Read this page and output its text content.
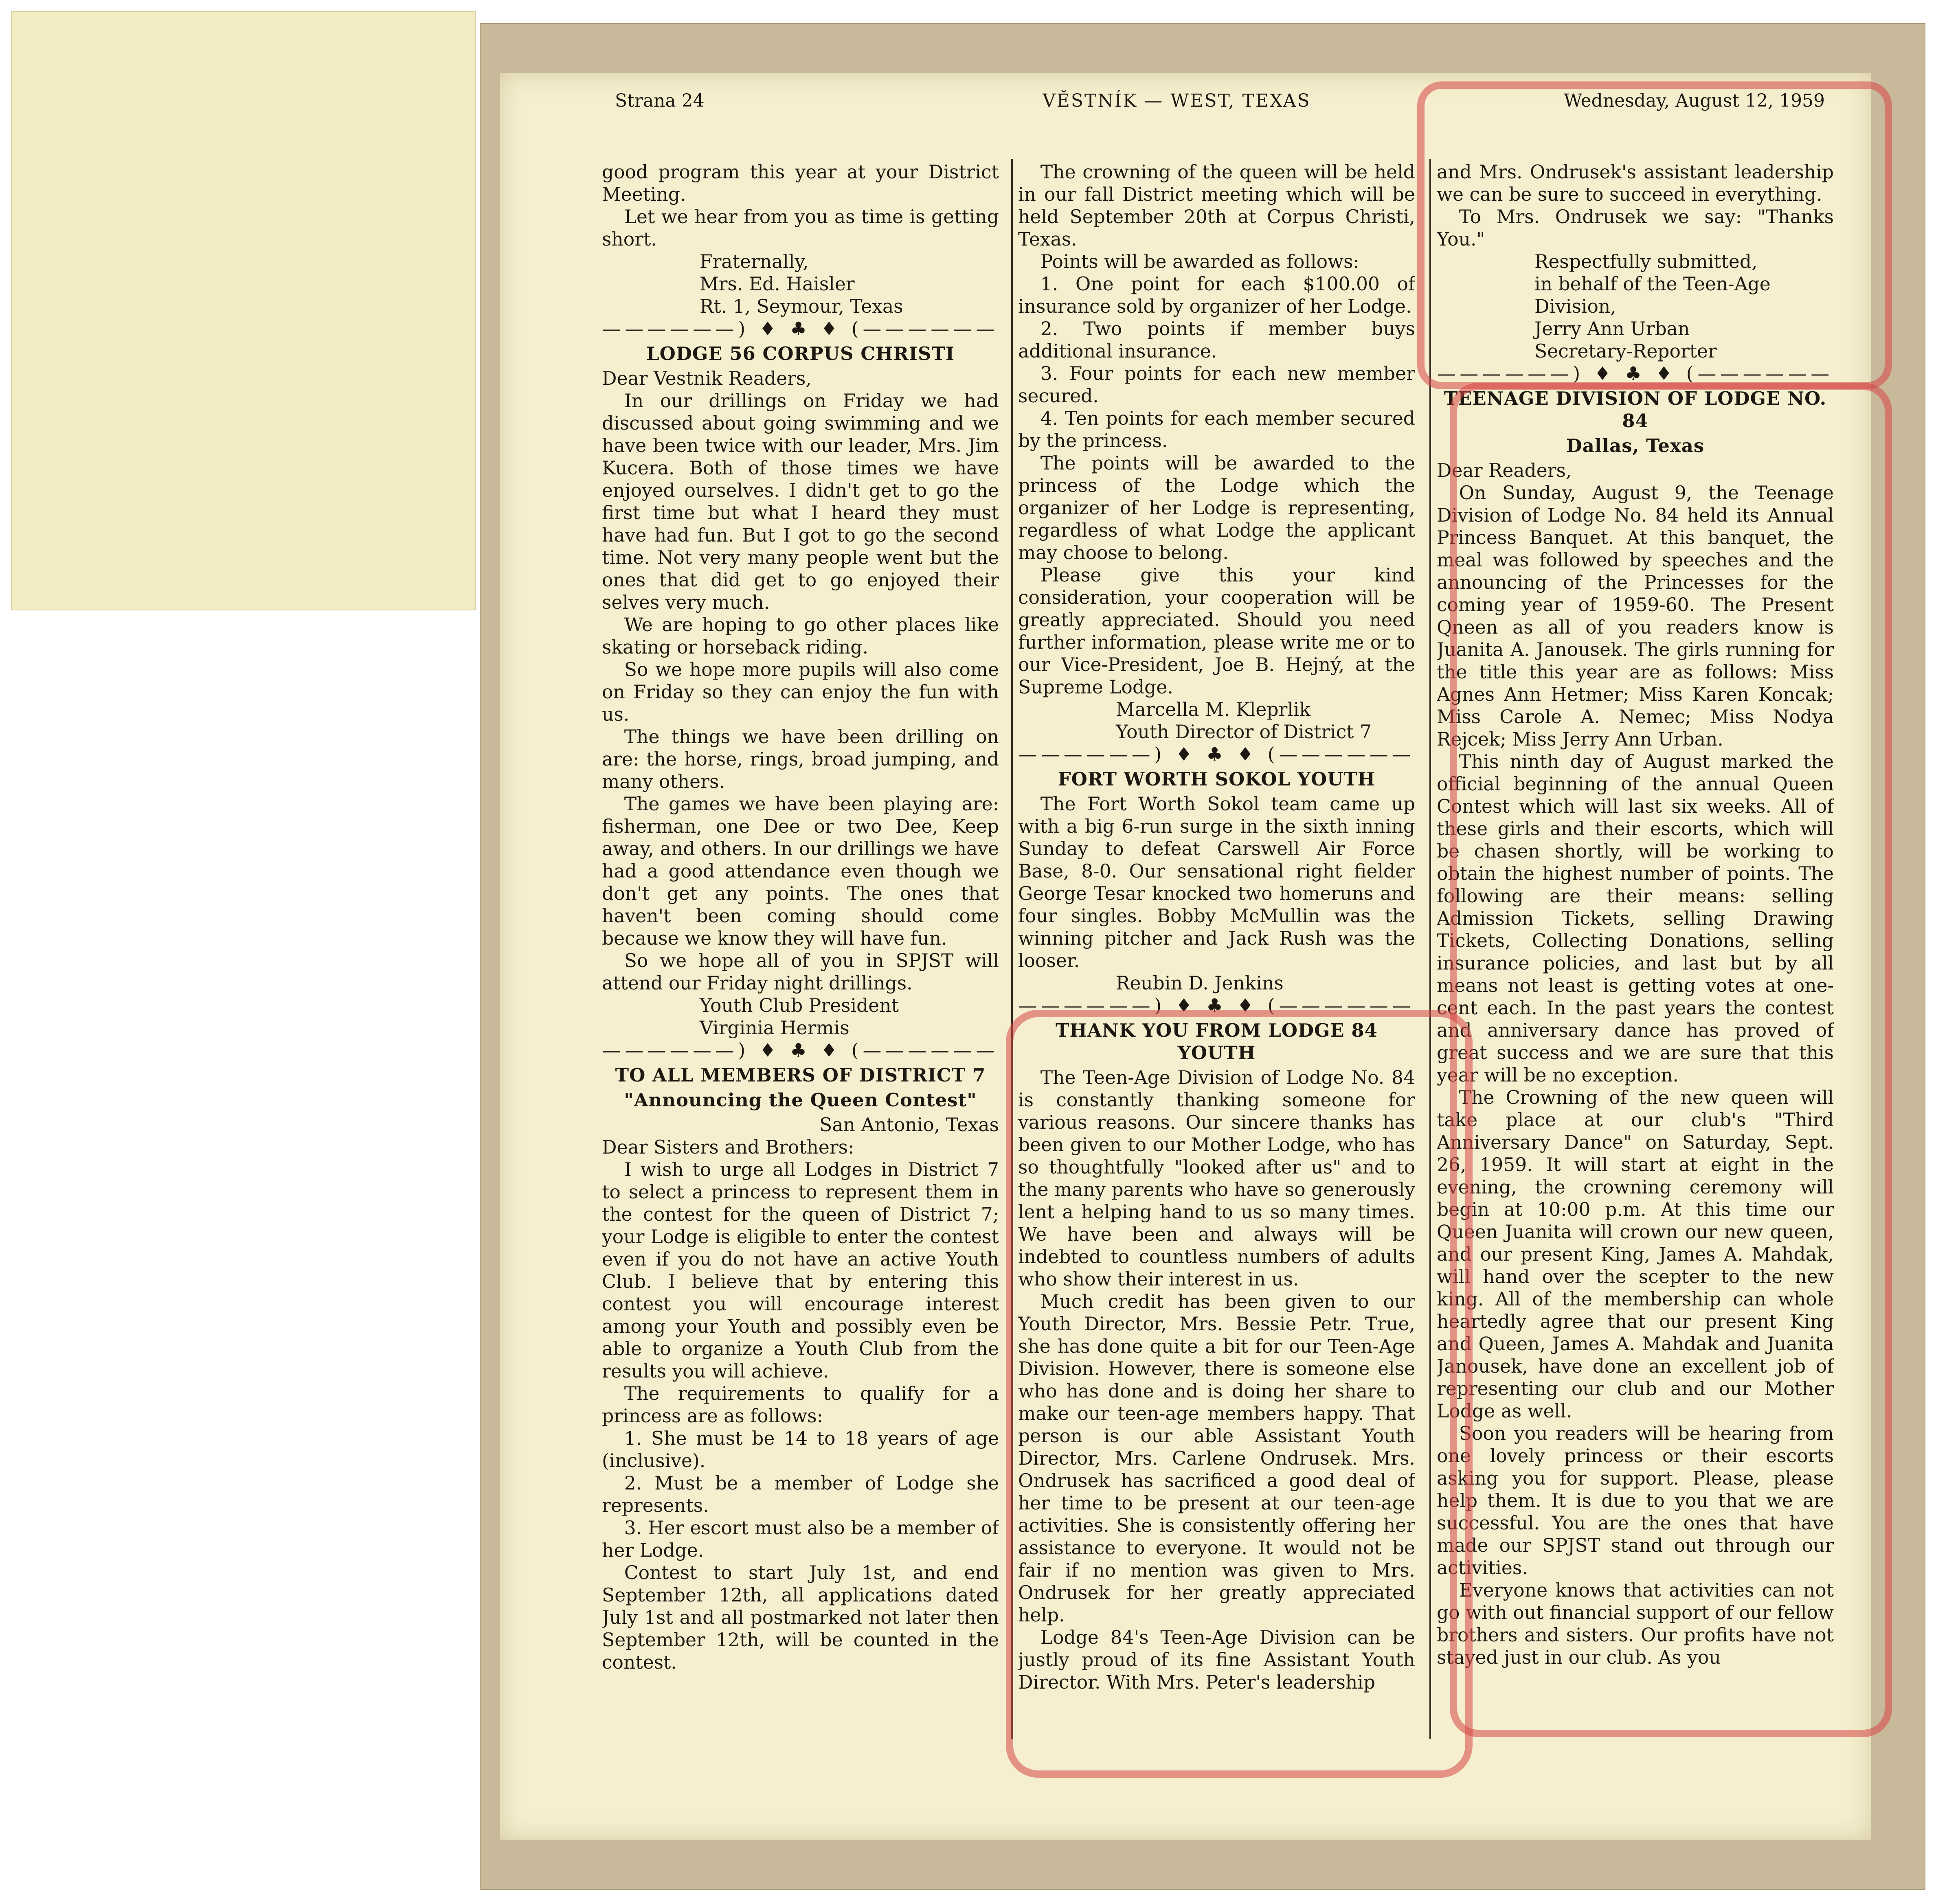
Strana 24	VĚSTNÍK — WEST, TEXAS	Wednesday, August 12, 1959

good program this year at your District Meeting.

Let we hear from you as time is getting short.

Fraternally,

Mrs. Ed. Haisler

Rt. 1, Seymour, Texas

——————) ♦ ♣ ♦ (——————

LODGE 56 CORPUS CHRISTI

Dear Vestnik Readers,

In our drillings on Friday we had discussed about going swimming and we have been twice with our leader, Mrs. Jim Kucera. Both of those times we have enjoyed ourselves. I didn't get to go the first time but what I heard they must have had fun. But I got to go the second time. Not very many people went but the ones that did get to go enjoyed their selves very much.

We are hoping to go other places like skating or horseback riding.

So we hope more pupils will also come on Friday so they can enjoy the fun with us.

The things we have been drilling on are: the horse, rings, broad jumping, and many others.

The games we have been playing are: fisherman, one Dee or two Dee, Keep away, and others. In our drillings we have had a good attendance even though we don't get any points. The ones that haven't been coming should come because we know they will have fun.

So we hope all of you in SPJST will attend our Friday night drillings.

Youth Club President

Virginia Hermis

——————) ♦ ♣ ♦ (——————

TO ALL MEMBERS OF DISTRICT 7
"Announcing the Queen Contest"

San Antonio, Texas

Dear Sisters and Brothers:

I wish to urge all Lodges in District 7 to select a princess to represent them in the contest for the queen of District 7; your Lodge is eligible to enter the contest even if you do not have an active Youth Club. I believe that by entering this contest you will encourage interest among your Youth and possibly even be able to organize a Youth Club from the results you will achieve.

The requirements to qualify for a princess are as follows:

1. She must be 14 to 18 years of age (inclusive).

2. Must be a member of Lodge she represents.

3. Her escort must also be a member of her Lodge.

Contest to start July 1st, and end September 12th, all applications dated July 1st and all postmarked not later then September 12th, will be counted in the contest.

The crowning of the queen will be held in our fall District meeting which will be held September 20th at Corpus Christi, Texas.

Points will be awarded as follows:

1. One point for each $100.00 of insurance sold by organizer of her Lodge.

2. Two points if member buys additional insurance.

3. Four points for each new member secured.

4. Ten points for each member secured by the princess.

The points will be awarded to the princess of the Lodge which the organizer of her Lodge is representing, regardless of what Lodge the applicant may choose to belong.

Please give this your kind consideration, your cooperation will be greatly appreciated. Should you need further information, please write me or to our Vice-President, Joe B. Hejný, at the Supreme Lodge.

Marcella M. Kleprlik

Youth Director of District 7

——————) ♦ ♣ ♦ (——————

FORT WORTH SOKOL YOUTH

The Fort Worth Sokol team came up with a big 6-run surge in the sixth inning Sunday to defeat Carswell Air Force Base, 8-0. Our sensational right fielder George Tesar knocked two homeruns and four singles. Bobby McMullin was the winning pitcher and Jack Rush was the looser.

Reubin D. Jenkins

——————) ♦ ♣ ♦ (——————

THANK YOU FROM LODGE 84 YOUTH

The Teen-Age Division of Lodge No. 84 is constantly thanking someone for various reasons. Our sincere thanks has been given to our Mother Lodge, who has so thoughtfully "looked after us" and to the many parents who have so generously lent a helping hand to us so many times. We have been and always will be indebted to countless numbers of adults who show their interest in us.

Much credit has been given to our Youth Director, Mrs. Bessie Petr. True, she has done quite a bit for our Teen-Age Division. However, there is someone else who has done and is doing her share to make our teen-age members happy. That person is our able Assistant Youth Director, Mrs. Carlene Ondrusek. Mrs. Ondrusek has sacrificed a good deal of her time to be present at our teen-age activities. She is consistently offering her assistance to everyone. It would not be fair if no mention was given to Mrs. Ondrusek for her greatly appreciated help.

Lodge 84's Teen-Age Division can be justly proud of its fine Assistant Youth Director. With Mrs. Peter's leadership

and Mrs. Ondrusek's assistant leadership we can be sure to succeed in everything.

To Mrs. Ondrusek we say: "Thanks You."

Respectfully submitted,

in behalf of the Teen-Age

Division,

Jerry Ann Urban

Secretary-Reporter

——————) ♦ ♣ ♦ (——————

TEENAGE DIVISION OF LODGE NO. 84
Dallas, Texas

Dear Readers,

On Sunday, August 9, the Teenage Division of Lodge No. 84 held its Annual Princess Banquet. At this banquet, the meal was followed by speeches and the announcing of the Princesses for the coming year of 1959-60. The Present Qneen as all of you readers know is Juanita A. Janousek. The girls running for the title this year are as follows: Miss Agnes Ann Hetmer; Miss Karen Koncak; Miss Carole A. Nemec; Miss Nodya Rejcek; Miss Jerry Ann Urban.

This ninth day of August marked the official beginning of the annual Queen Contest which will last six weeks. All of these girls and their escorts, which will be chasen shortly, will be working to obtain the highest number of points. The following are their means: selling Admission Tickets, selling Drawing Tickets, Collecting Donations, selling insurance policies, and last but by all means not least is getting votes at one-cent each. In the past years the contest and anniversary dance has proved of great success and we are sure that this year will be no exception.

The Crowning of the new queen will take place at our club's "Third Anniversary Dance" on Saturday, Sept. 26, 1959. It will start at eight in the evening, the crowning ceremony will begin at 10:00 p.m. At this time our Queen Juanita will crown our new queen, and our present King, James A. Mahdak, will hand over the scepter to the new king. All of the membership can whole heartedly agree that our present King and Queen, James A. Mahdak and Juanita Janousek, have done an excellent job of representing our club and our Mother Lodge as well.

Soon you readers will be hearing from one lovely princess or their escorts asking you for support. Please, please help them. It is due to you that we are successful. You are the ones that have made our SPJST stand out through our activities.

Everyone knows that activities can not go with out financial support of our fellow brothers and sisters. Our profits have not stayed just in our club. As you
